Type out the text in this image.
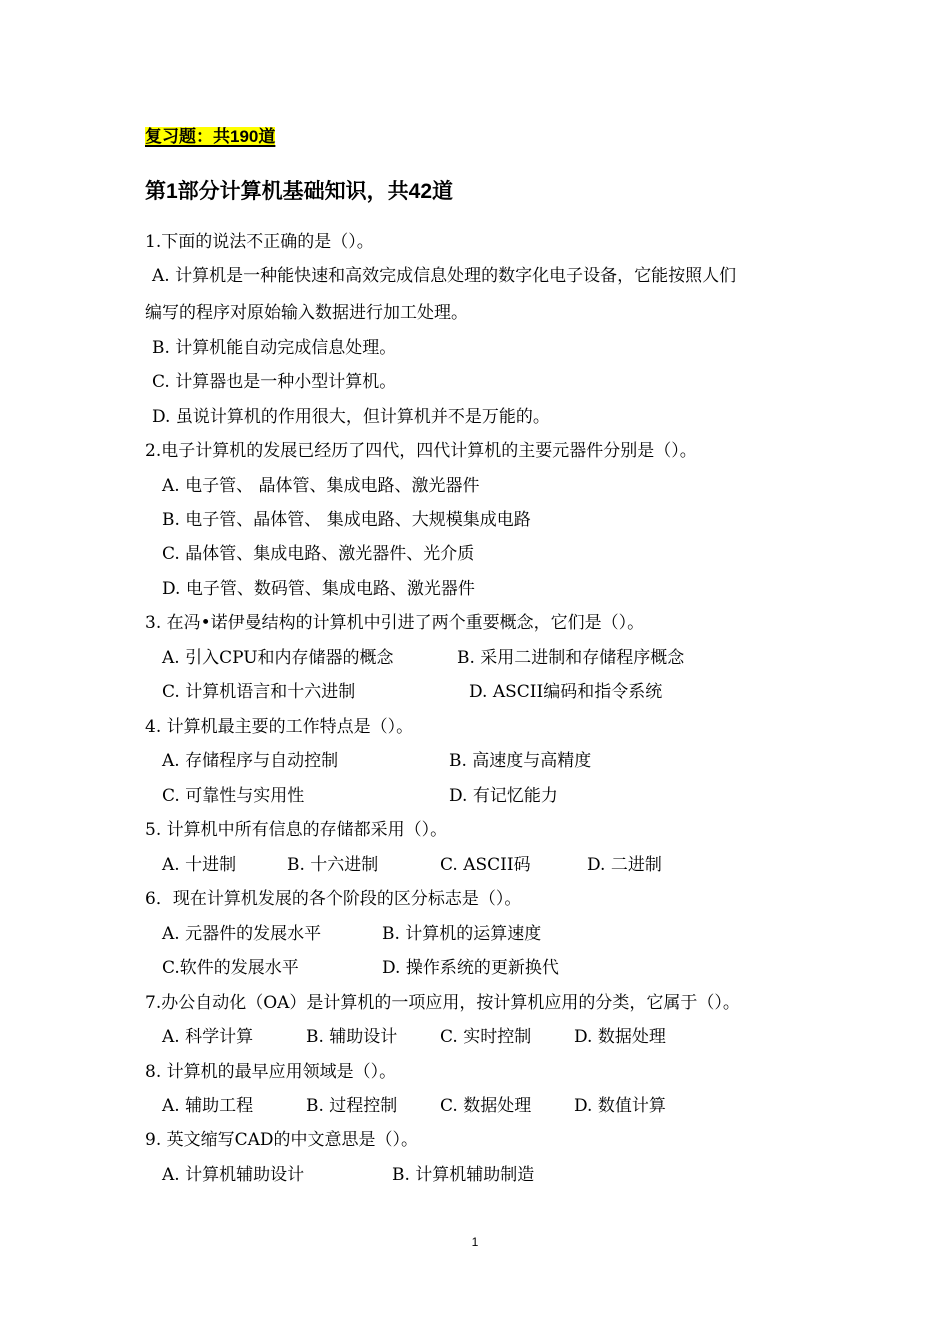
复习题：共190道
第1部分计算机基础知识，共42道
1.下面的说法不正确的是（）。
A. 计算机是一种能快速和高效完成信息处理的数字化电子设备，它能按照人们
编写的程序对原始输入数据进行加工处理。
B. 计算机能自动完成信息处理。
C. 计算器也是一种小型计算机。
D. 虽说计算机的作用很大，但计算机并不是万能的。
2.电子计算机的发展已经历了四代，四代计算机的主要元器件分别是（）。
A. 电子管、 晶体管、集成电路、激光器件
B. 电子管、晶体管、 集成电路、大规模集成电路
C. 晶体管、集成电路、激光器件、光介质
D. 电子管、数码管、集成电路、激光器件
3. 在冯•诺伊曼结构的计算机中引进了两个重要概念，它们是（）。
A. 引入CPU和内存储器的概念	B. 采用二进制和存储程序概念
C. 计算机语言和十六进制	D. ASCII编码和指令系统
4. 计算机最主要的工作特点是（）。
A. 存储程序与自动控制	B. 高速度与高精度
C. 可靠性与实用性	D. 有记忆能力
5. 计算机中所有信息的存储都采用（）。
A. 十进制	B. 十六进制	C. ASCII码	D. 二进制
6．现在计算机发展的各个阶段的区分标志是（）。
A. 元器件的发展水平	B. 计算机的运算速度
C.软件的发展水平	D. 操作系统的更新换代
7.办公自动化（OA）是计算机的一项应用，按计算机应用的分类，它属于（）。
A. 科学计算	B. 辅助设计	C. 实时控制	D. 数据处理
8. 计算机的最早应用领域是（）。
A. 辅助工程	B. 过程控制	C. 数据处理	D. 数值计算
9. 英文缩写CAD的中文意思是（）。
A. 计算机辅助设计	B. 计算机辅助制造
1
